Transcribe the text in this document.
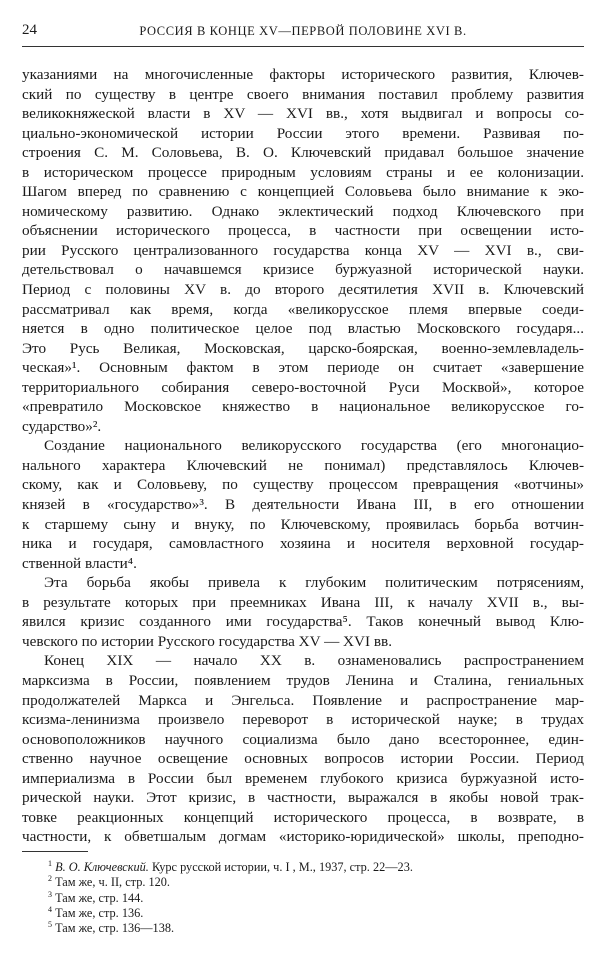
24	РОССИЯ В КОНЦЕ XV—ПЕРВОЙ ПОЛОВИНЕ XVI В.
указаниями на многочисленные факторы исторического развития, Ключев-
ский по существу в центре своего внимания поставил проблему развития
великокняжеской власти в XV — XVI вв., хотя выдвигал и вопросы со-
циально-экономической истории России этого времени. Развивая по-
строения С. М. Соловьева, В. О. Ключевский придавал большое значение
в историческом процессе природным условиям страны и ее колонизации.
Шагом вперед по сравнению с концепцией Соловьева было внимание к эко-
номическому развитию. Однако эклектический подход Ключевского при
объяснении исторического процесса, в частности при освещении исто-
рии Русского централизованного государства конца XV — XVI в., сви-
детельствовал о начавшемся кризисе буржуазной исторической науки.
Период с половины XV в. до второго десятилетия XVII в. Ключевский
рассматривал как время, когда «великорусское племя впервые соеди-
няется в одно политическое целое под властью Московского государя...
Это Русь Великая, Московская, царско-боярская, военно-землевладель-
ческая»¹. Основным фактом в этом периоде он считает «завершение
территориального собирания северо-восточной Руси Москвой», которое
«превратило Московское княжество в национальное великорусское го-
сударство»².
Создание национального великорусского государства (его многонацио-
нального характера Ключевский не понимал) представлялось Ключев-
скому, как и Соловьеву, по существу процессом превращения «вотчины»
князей в «государство»³. В деятельности Ивана III, в его отношении
к старшему сыну и внуку, по Ключевскому, проявилась борьба вотчин-
ника и государя, самовластного хозяина и носителя верховной государ-
ственной власти⁴.
Эта борьба якобы привела к глубоким политическим потрясениям,
в результате которых при преемниках Ивана III, к началу XVII в., вы-
явился кризис созданного ими государства⁵. Таков конечный вывод Клю-
чевского по истории Русского государства XV — XVI вв.
Конец XIX — начало XX в. ознаменовались распространением
марксизма в России, появлением трудов Ленина и Сталина, гениальных
продолжателей Маркса и Энгельса. Появление и распространение мар-
ксизма-ленинизма произвело переворот в исторической науке; в трудах
основоположников научного социализма было дано всестороннее, един-
ственно научное освещение основных вопросов истории России. Период
империализма в России был временем глубокого кризиса буржуазной исто-
рической науки. Этот кризис, в частности, выражался в якобы новой трак-
товке реакционных концепций исторического процесса, в возврате, в
частности, к обветшалым догмам «историко-юридической» школы, преподно-
$^1$ В. О. Ключевский. Курс русской истории, ч. I , М., 1937, стр. 22—23.
$^2$ Там же, ч. II, стр. 120.
$^3$ Там же, стр. 144.
$^4$ Там же, стр. 136.
$^5$ Там же, стр. 136—138.
